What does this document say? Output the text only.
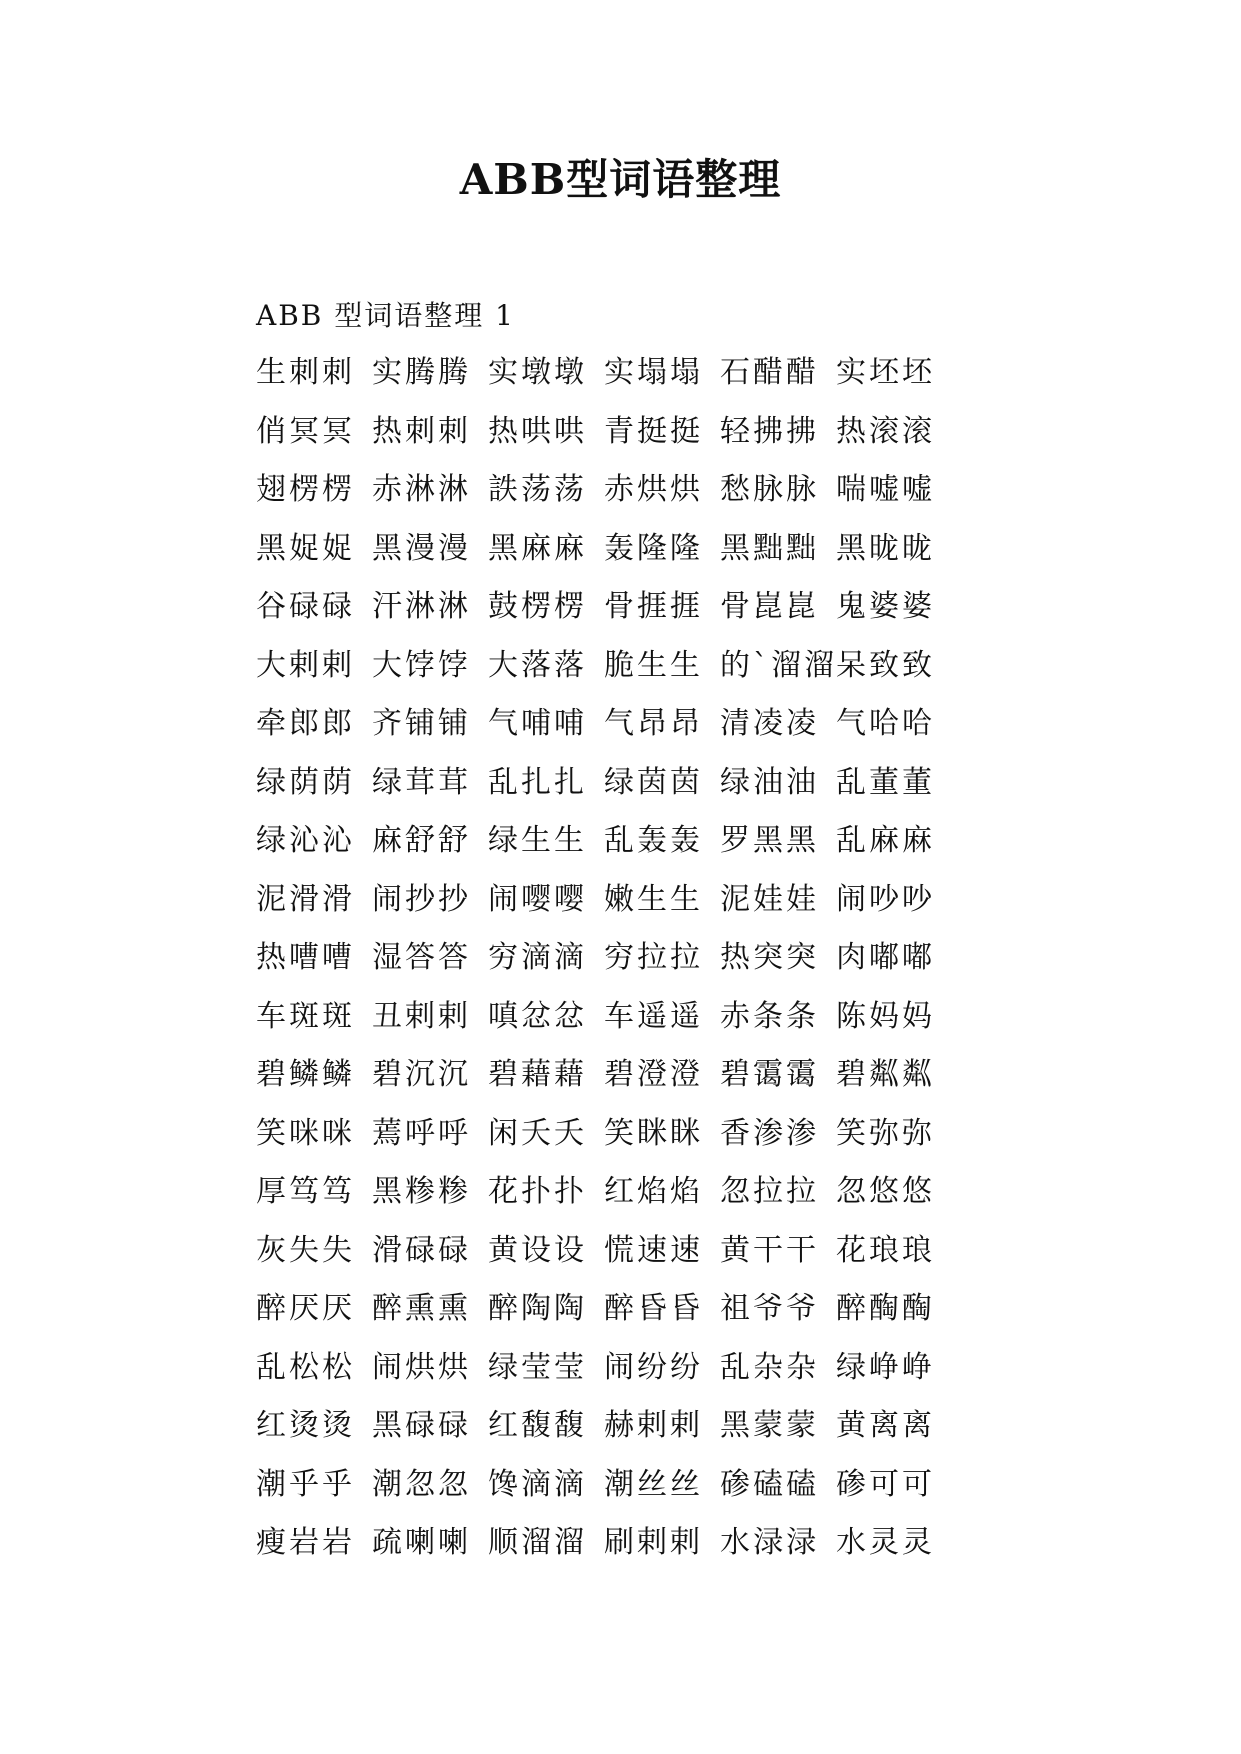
ABB型词语整理
ABB 型词语整理 1
生刺刺 实腾腾 实墩墩 实塌塌 石醋醋 实坯坯
俏冥冥 热刺刺 热哄哄 青挺挺 轻拂拂 热滚滚
翅楞楞 赤淋淋 詄荡荡 赤烘烘 愁脉脉 喘嘘嘘
黑娖娖 黑漫漫 黑麻麻 轰隆隆 黑黜黜 黑昽昽
谷碌碌 汗淋淋 鼓楞楞 骨捱捱 骨崑崑 鬼婆婆
大剌剌 大饽饽 大落落 脆生生 的`溜溜 呆致致
牵郎郎 齐铺铺 气哺哺 气昂昂 清凌凌 气哈哈
绿荫荫 绿茸茸 乱扎扎 绿茵茵 绿油油 乱董董
绿沁沁 麻舒舒 绿生生 乱轰轰 罗黑黑 乱麻麻
泥滑滑 闹抄抄 闹嘤嘤 嫩生生 泥娃娃 闹吵吵
热嘈嘈 湿答答 穷滴滴 穷拉拉 热突突 肉嘟嘟
车斑斑 丑剌剌 嗔忿忿 车遥遥 赤条条 陈妈妈
碧鳞鳞 碧沉沉 碧藉藉 碧澄澄 碧霭霭 碧粼粼
笑咪咪 蔫呼呼 闲夭夭 笑眯眯 香渗渗 笑弥弥
厚笃笃 黑糁糁 花扑扑 红焰焰 忽拉拉 忽悠悠
灰失失 滑碌碌 黄设设 慌速速 黄干干 花琅琅
醉厌厌 醉熏熏 醉陶陶 醉昏昏 祖爷爷 醉醄醄
乱松松 闹烘烘 绿莹莹 闹纷纷 乱杂杂 绿峥峥
红烫烫 黑碌碌 红馥馥 赫剌剌 黑蒙蒙 黄离离
潮乎乎 潮忽忽 馋滴滴 潮丝丝 碜磕磕 碜可可
瘦岩岩 疏喇喇 顺溜溜 刷剌剌 水渌渌 水灵灵
